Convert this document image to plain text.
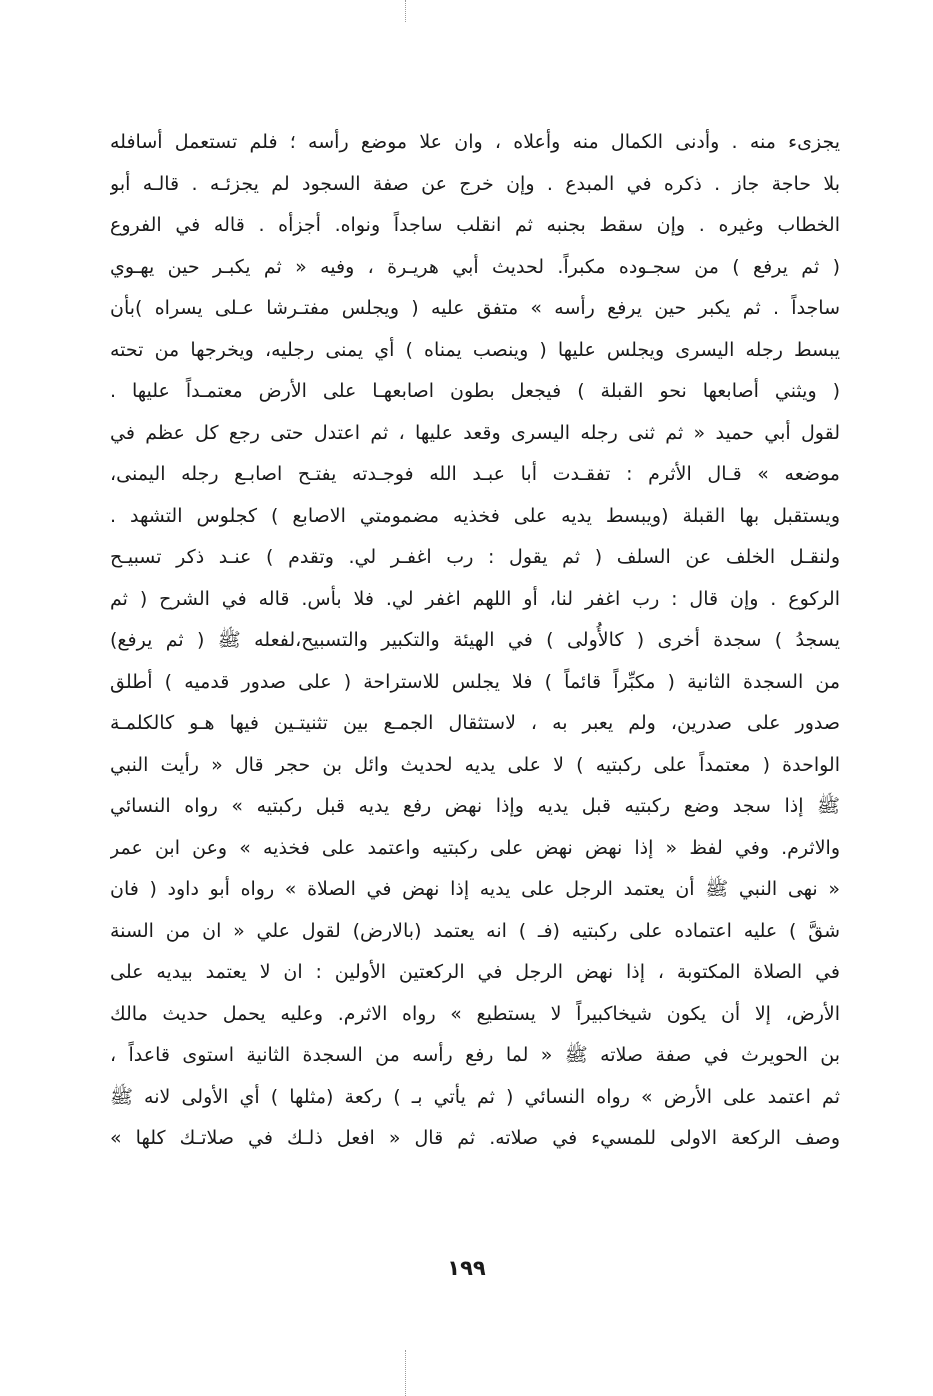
يجزىء منه . وأدنى الكمال منه وأعلاه ، وان علا موضع رأسه ؛ فلم تستعمل أسافله
بلا حاجة جاز . ذكره في المبدع . وإن خرج عن صفة السجود لم يجزئـه . قالـه أبو
الخطاب وغيره . وإن سقط بجنبه ثم انقلب ساجداً ونواه. أجزأه . قاله في الفروع
( ثم يرفع ) من سجـوده مكبراً. لحديث أبي هريـرة ، وفيه « ثم يكبـر حين يهـوي
ساجداً . ثم يكبر حين يرفع رأسه » متفق عليه ( ويجلس مفتـرشا عـلى يسراه )بأن
يبسط رجله اليسرى ويجلس عليها ( وينصب يمناه ) أي يمنى رجليه، ويخرجها من تحته
( ويثني أصابعها نحو القبلة ) فيجعل بطون اصابعهـا على الأرض معتمـداً عليها .
لقول أبي حميد « ثم ثنى رجله اليسرى وقعد عليها ، ثم اعتدل حتى رجع كل عظم في
موضعه » قـال الأثرم : تفقـدت أبا عبـد الله فوجـدته يفتـح اصابـع رجله اليمنى،
ويستقبل بها القبلة (ويبسط يديه على فخذيه مضمومتي الاصابع ) كجلوس التشهد .
ولنقـل الخلف عن السلف ( ثم يقول : رب اغفـر لي. وتقدم ) عنـد ذكر تسبيـح
الركوع . وإن قال : رب اغفر لنا، أو اللهم اغفر لي. فلا بأس. قاله في الشرح ( ثم
يسجدُ ) سجدة أخرى ( كالأُولى ) في الهيئة والتكبير والتسبيح،لفعله ﷺ ( ثم يرفع)
من السجدة الثانية ( مكبِّراً قائماً ) فلا يجلس للاستراحة ( على صدور قدميه ) أطلق
صدور على صدرين، ولم يعبر به ، لاستثقال الجمـع بين تثنيتـين فيها هـو كالكلمـة
الواحدة ( معتمداً على ركبتيه ) لا على يديه لحديث وائل بن حجر قال « رأيت النبي
ﷺ إذا سجد وضع ركبتيه قبل يديه وإذا نهض رفع يديه قبل ركبتيه » رواه النسائي
والاثرم. وفي لفظ « إذا نهض نهض على ركبتيه واعتمد على فخذيه » وعن ابن عمر
« نهى النبي ﷺ أن يعتمد الرجل على يديه إذا نهض في الصلاة » رواه أبو داود ( فان
شقَّ ) عليه اعتماده على ركبتيه (فـ ) انه يعتمد (بالارض) لقول علي « ان من السنة
في الصلاة المكتوبة ، إذا نهض الرجل في الركعتين الأولين : ان لا يعتمد بيديه على
الأرض، إلا أن يكون شيخاكبيراً لا يستطيع » رواه الاثرم. وعليه يحمل حديث مالك
بن الحويرث في صفة صلاته ﷺ « لما رفع رأسه من السجدة الثانية استوى قاعداً ،
ثم اعتمد على الأرض » رواه النسائي ( ثم يأتي بـ ) ركعة (مثلها ) أي الأولى لانه ﷺ
وصف الركعة الاولى للمسيء في صلاته. ثم قال « افعل ذلـك في صلاتـك كلها »
١٩٩
